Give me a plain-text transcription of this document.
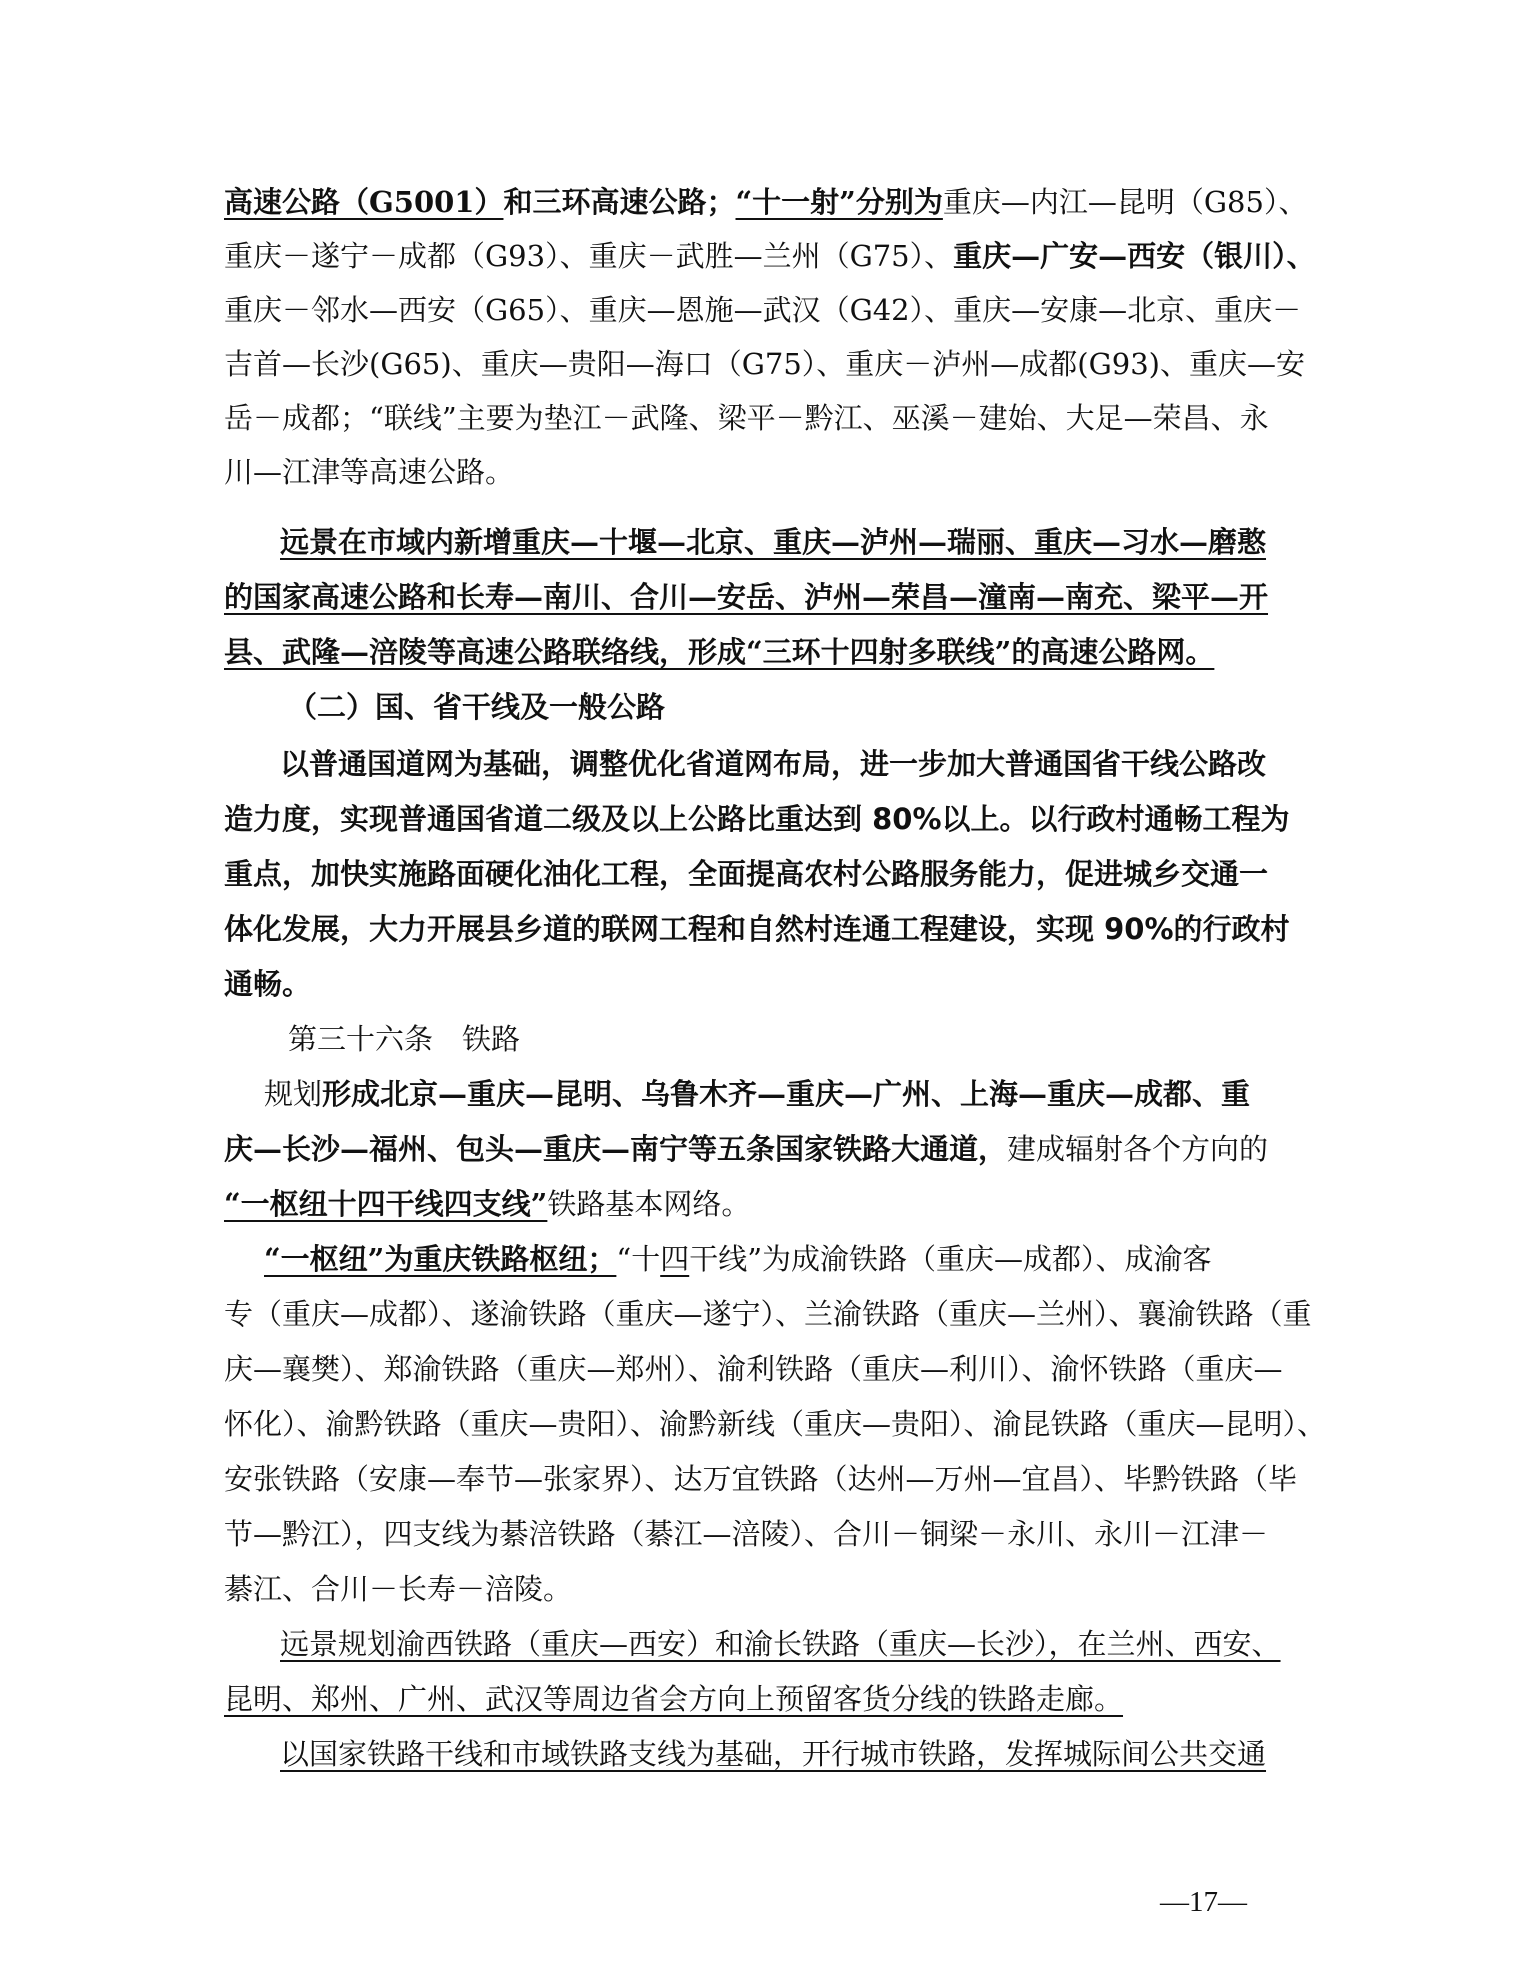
高速公路（G5001）和三环高速公路；“十一射”分别为重庆—内江—昆明（G85）、
重庆－遂宁－成都（G93）、重庆－武胜—兰州（G75）、重庆—广安—西安（银川）、
重庆－邻水—西安（G65）、重庆—恩施—武汉（G42）、重庆—安康—北京、重庆－
吉首—长沙(G65)、重庆—贵阳—海口（G75）、重庆－泸州—成都(G93)、重庆—安
岳－成都；“联线”主要为垫江－武隆、梁平－黔江、巫溪－建始、大足—荣昌、永
川—江津等高速公路。
远景在市域内新增重庆—十堰—北京、重庆—泸州—瑞丽、重庆—习水—磨憨
的国家高速公路和长寿—南川、合川—安岳、泸州—荣昌—潼南—南充、梁平—开
县、武隆—涪陵等高速公路联络线，形成“三环十四射多联线”的高速公路网。
（二）国、省干线及一般公路
以普通国道网为基础，调整优化省道网布局，进一步加大普通国省干线公路改
造力度，实现普通国省道二级及以上公路比重达到 80%以上。以行政村通畅工程为
重点，加快实施路面硬化油化工程，全面提高农村公路服务能力，促进城乡交通一
体化发展，大力开展县乡道的联网工程和自然村连通工程建设，实现 90%的行政村
通畅。
第三十六条　铁路
规划形成北京—重庆—昆明、乌鲁木齐—重庆—广州、上海—重庆—成都、重
庆—长沙—福州、包头—重庆—南宁等五条国家铁路大通道，建成辐射各个方向的
“一枢纽十四干线四支线”铁路基本网络。
“一枢纽”为重庆铁路枢纽；“十四干线”为成渝铁路（重庆—成都）、成渝客
专（重庆—成都）、遂渝铁路（重庆—遂宁）、兰渝铁路（重庆—兰州）、襄渝铁路（重
庆—襄樊）、郑渝铁路（重庆—郑州）、渝利铁路（重庆—利川）、渝怀铁路（重庆—
怀化）、渝黔铁路（重庆—贵阳）、渝黔新线（重庆—贵阳）、渝昆铁路（重庆—昆明）、
安张铁路（安康—奉节—张家界）、达万宜铁路（达州—万州—宜昌）、毕黔铁路（毕
节—黔江），四支线为綦涪铁路（綦江—涪陵）、合川－铜梁－永川、永川－江津－
綦江、合川－长寿－涪陵。
远景规划渝西铁路（重庆—西安）和渝长铁路（重庆—长沙），在兰州、西安、
昆明、郑州、广州、武汉等周边省会方向上预留客货分线的铁路走廊。
以国家铁路干线和市域铁路支线为基础，开行城市铁路，发挥城际间公共交通
—17—
